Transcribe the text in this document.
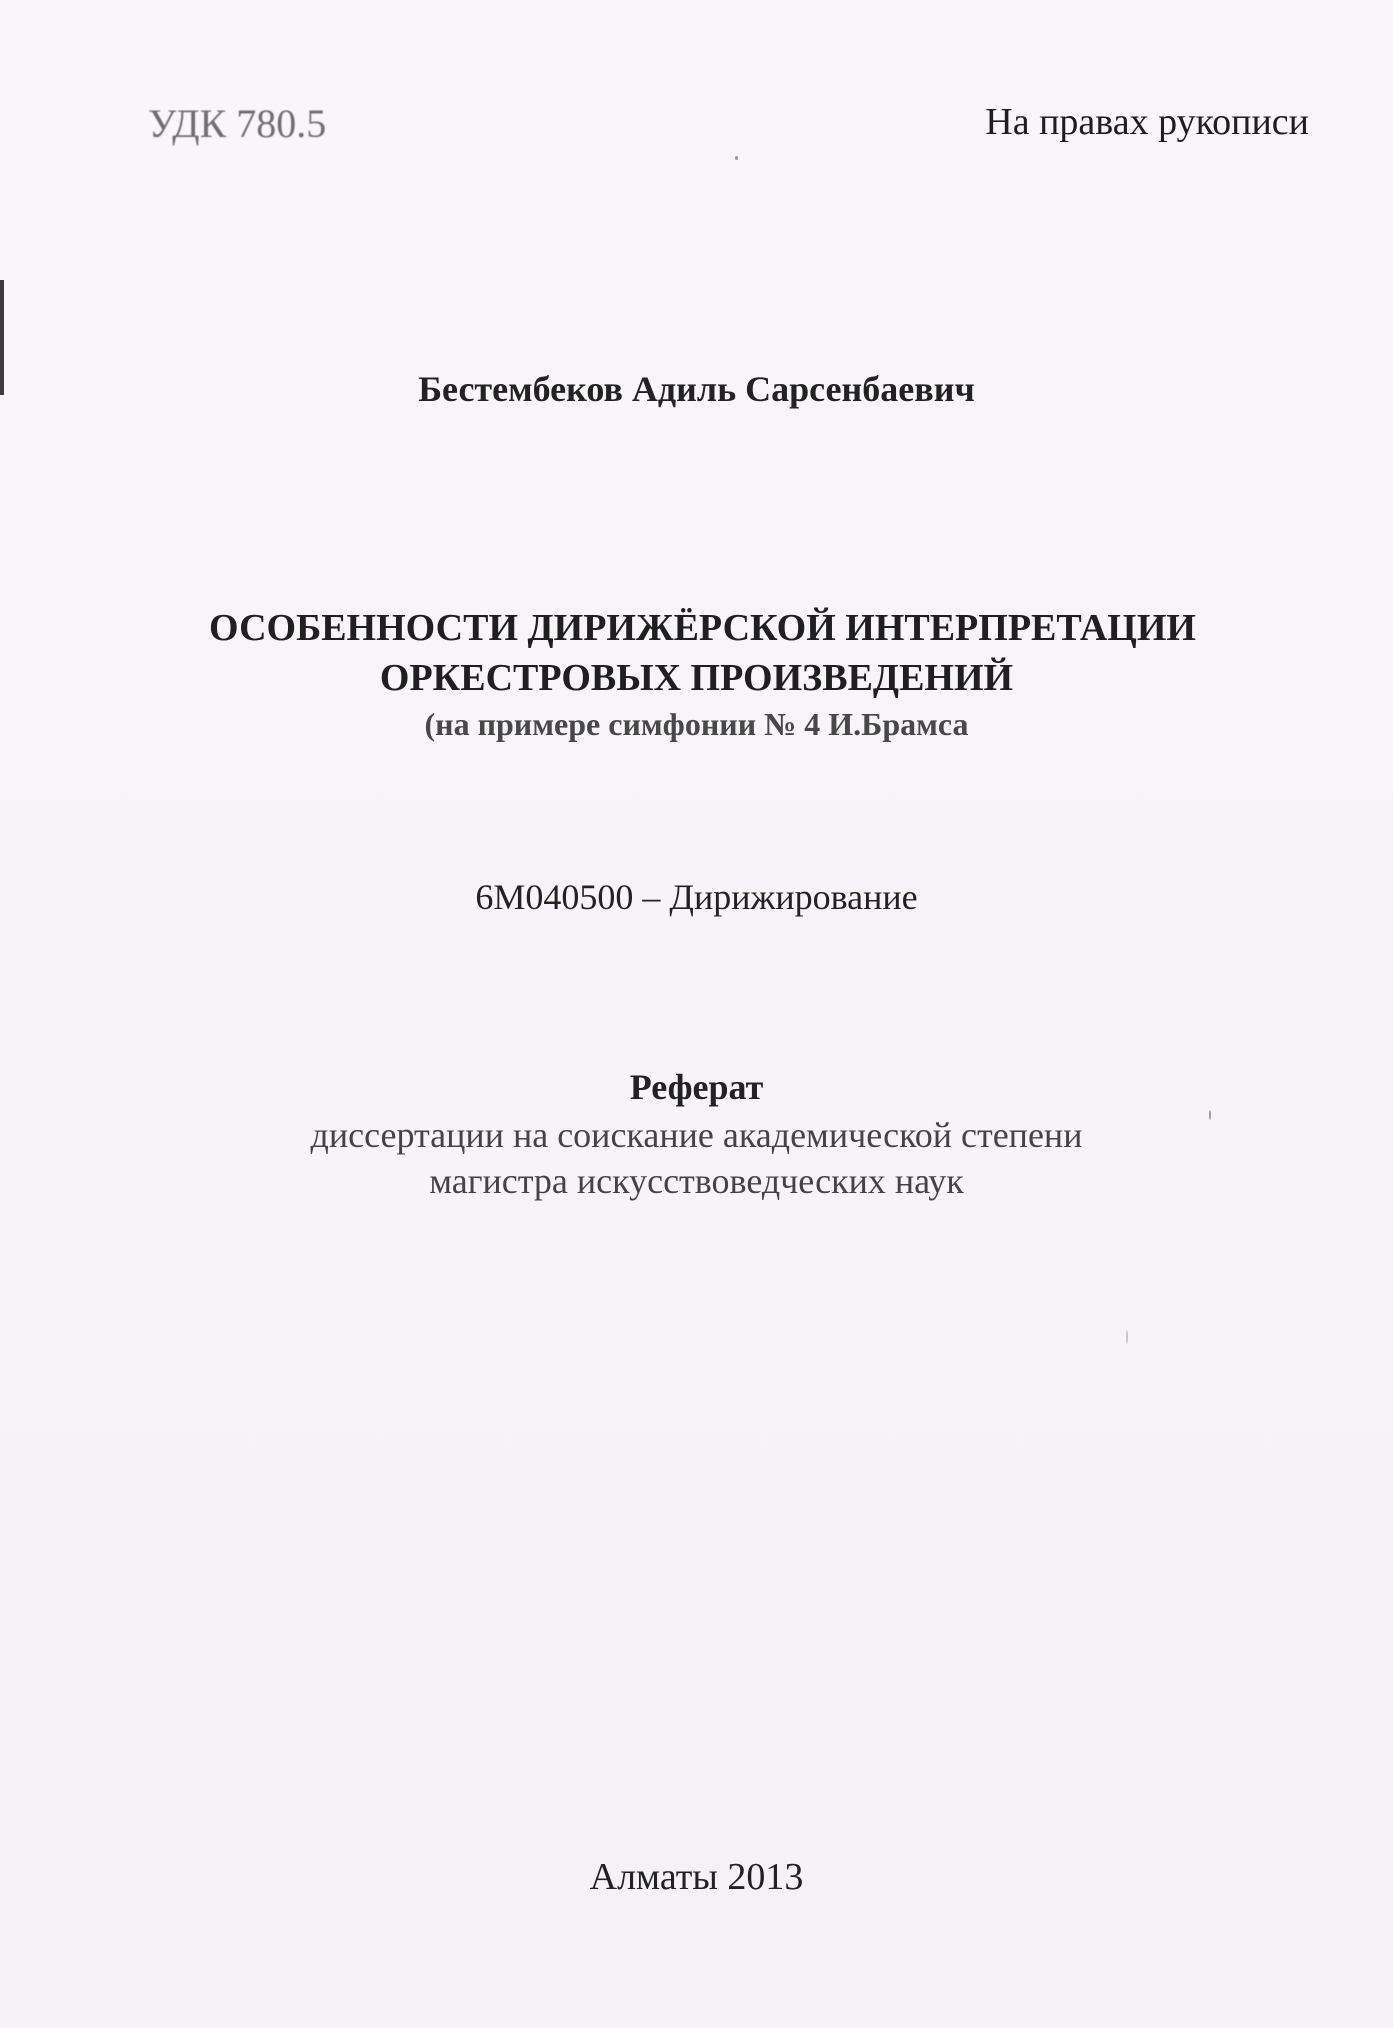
УДК 780.5	На правах рукописи
Бестембеков Адиль Сарсенбаевич
ОСОБЕННОСТИ ДИРИЖЁРСКОЙ ИНТЕРПРЕТАЦИИ
ОРКЕСТРОВЫХ ПРОИЗВЕДЕНИЙ
(на примере симфонии № 4 И.Брамса
6М040500 – Дирижирование
Реферат
диссертации на соискание академической степени
магистра искусствоведческих наук
Алматы 2013
